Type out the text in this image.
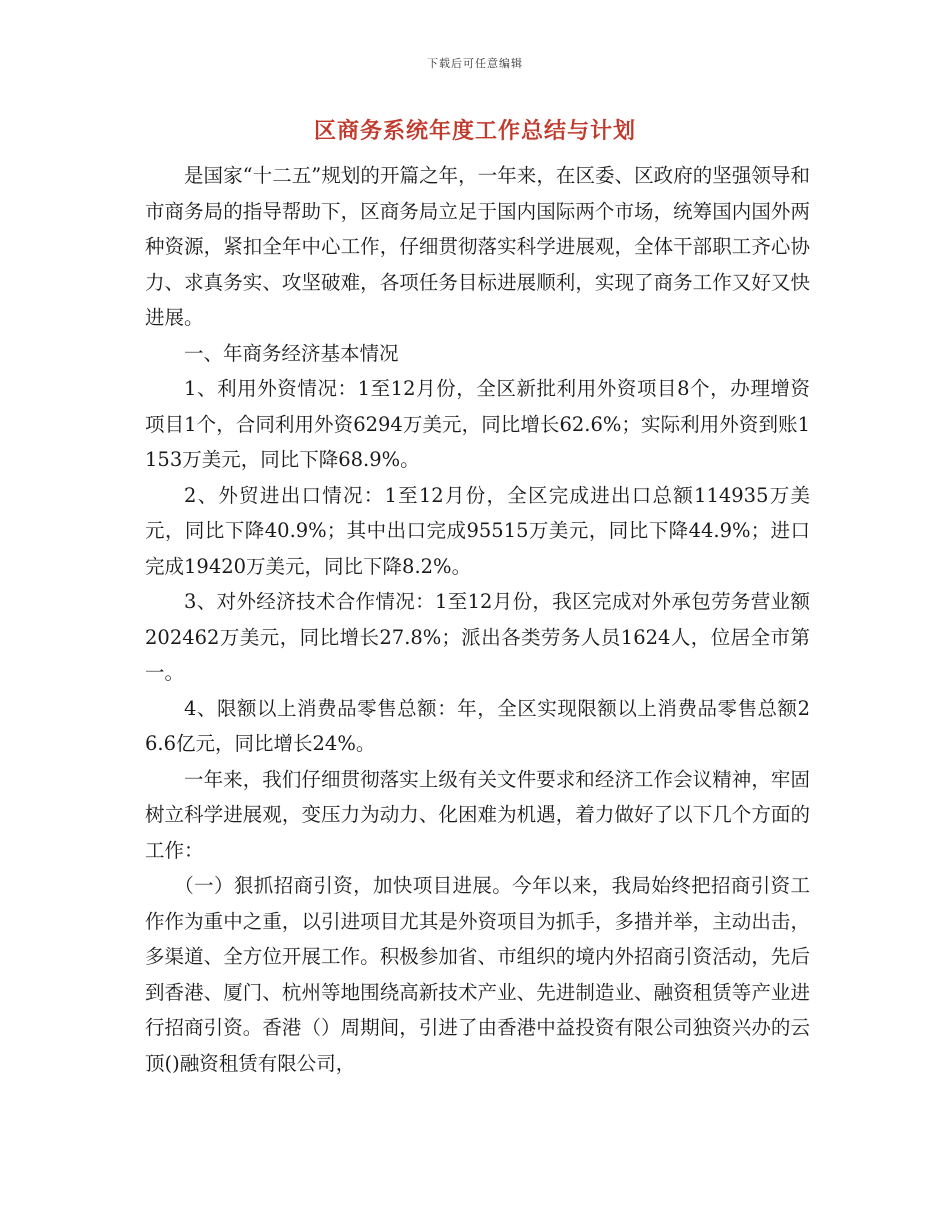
下载后可任意编辑
区商务系统年度工作总结与计划

是国家“十二五”规划的开篇之年，一年来，在区委、区政府的坚强领导和市商务局的指导帮助下，区商务局立足于国内国际两个市场，统筹国内国外两种资源，紧扣全年中心工作，仔细贯彻落实科学进展观，全体干部职工齐心协力、求真务实、攻坚破难，各项任务目标进展顺利，实现了商务工作又好又快进展。

一、年商务经济基本情况

1、利用外资情况：1至12月份，全区新批利用外资项目8个，办理增资项目1个，合同利用外资6294万美元，同比增长62.6%；实际利用外资到账1153万美元，同比下降68.9%。

2、外贸进出口情况：1至12月份，全区完成进出口总额114935万美元，同比下降40.9%；其中出口完成95515万美元，同比下降44.9%；进口完成19420万美元，同比下降8.2%。

3、对外经济技术合作情况：1至12月份，我区完成对外承包劳务营业额202462万美元，同比增长27.8%；派出各类劳务人员1624人，位居全市第一。

4、限额以上消费品零售总额：年，全区实现限额以上消费品零售总额26.6亿元，同比增长24%。

一年来，我们仔细贯彻落实上级有关文件要求和经济工作会议精神，牢固树立科学进展观，变压力为动力、化困难为机遇，着力做好了以下几个方面的工作：

（一）狠抓招商引资，加快项目进展。今年以来，我局始终把招商引资工作作为重中之重，以引进项目尤其是外资项目为抓手，多措并举，主动出击，多渠道、全方位开展工作。积极参加省、市组织的境内外招商引资活动，先后到香港、厦门、杭州等地围绕高新技术产业、先进制造业、融资租赁等产业进行招商引资。香港（）周期间，引进了由香港中益投资有限公司独资兴办的云顶()融资租赁有限公司，
